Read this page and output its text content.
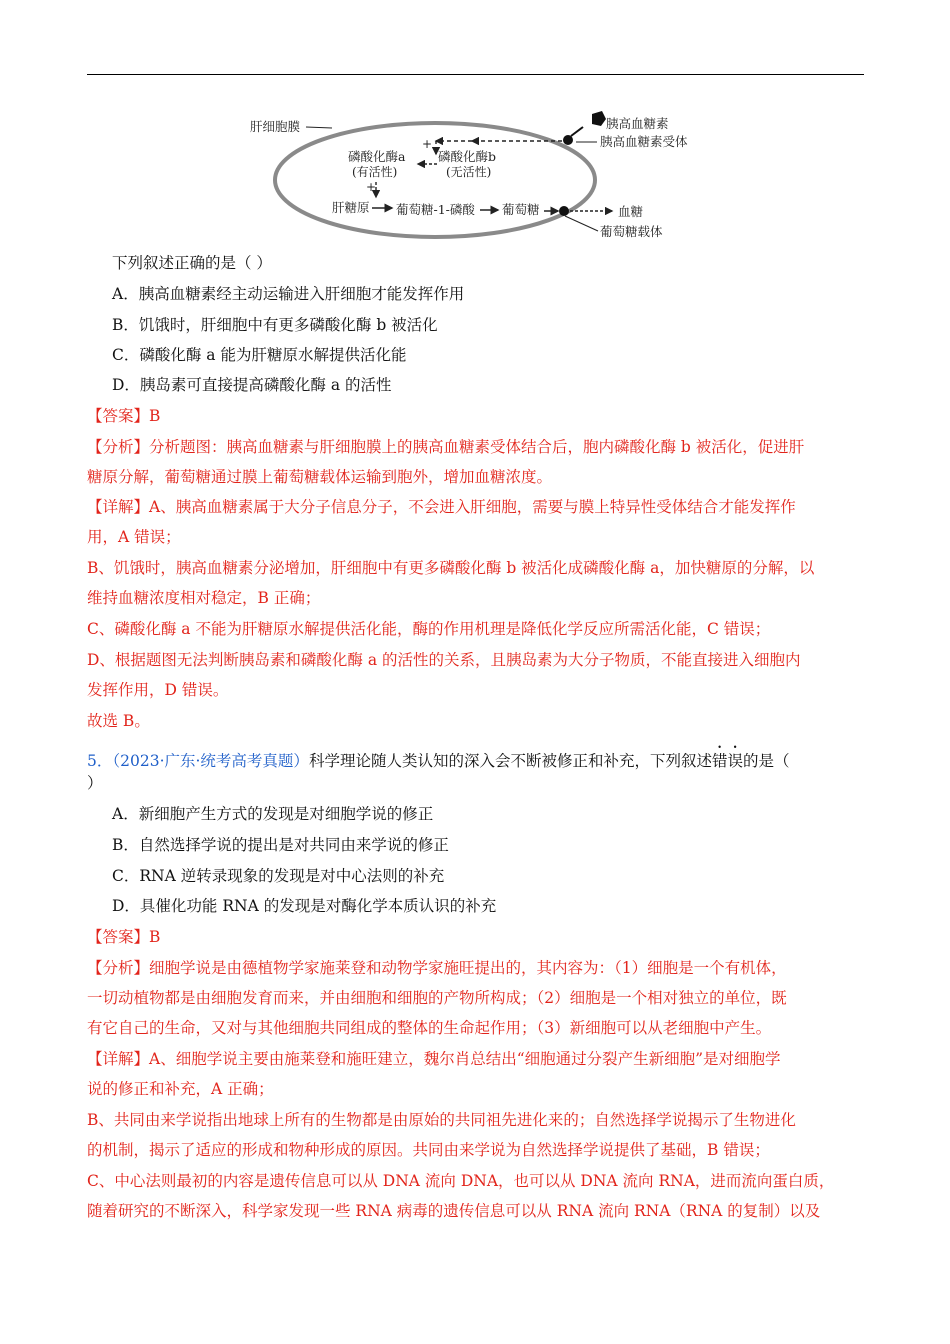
肝细胞膜	胰高血糖素
胰高血糖素受体
+
磷酸化酶a
(有活性)
磷酸化酶b
(无活性)
+
肝糖原 葡萄糖-1-磷酸 葡萄糖	血糖
葡萄糖载体
下列叙述正确的是（ ）
A．胰高血糖素经主动运输进入肝细胞才能发挥作用
B．饥饿时，肝细胞中有更多磷酸化酶 b 被活化
C．磷酸化酶 a 能为肝糖原水解提供活化能
D．胰岛素可直接提高磷酸化酶 a 的活性
【答案】B
【分析】分析题图：胰高血糖素与肝细胞膜上的胰高血糖素受体结合后，胞内磷酸化酶 b 被活化，促进肝
糖原分解，葡萄糖通过膜上葡萄糖载体运输到胞外，增加血糖浓度。
【详解】A、胰高血糖素属于大分子信息分子，不会进入肝细胞，需要与膜上特异性受体结合才能发挥作
用，A 错误；
B、饥饿时，胰高血糖素分泌增加，肝细胞中有更多磷酸化酶 b 被活化成磷酸化酶 a，加快糖原的分解，以
维持血糖浓度相对稳定，B 正确；
C、磷酸化酶 a 不能为肝糖原水解提供活化能，酶的作用机理是降低化学反应所需活化能，C 错误；
D、根据题图无法判断胰岛素和磷酸化酶 a 的活性的关系，且胰岛素为大分子物质，不能直接进入细胞内
发挥作用，D 错误。
故选 B。
5．（2023·广东·统考高考真题）科学理论随人类认知的深入会不断被修正和补充，下列叙述错误的是（
）
A．新细胞产生方式的发现是对细胞学说的修正
B．自然选择学说的提出是对共同由来学说的修正
C．RNA 逆转录现象的发现是对中心法则的补充
D．具催化功能 RNA 的发现是对酶化学本质认识的补充
【答案】B
【分析】细胞学说是由德植物学家施莱登和动物学家施旺提出的，其内容为：（1）细胞是一个有机体，
一切动植物都是由细胞发育而来，并由细胞和细胞的产物所构成；（2）细胞是一个相对独立的单位，既
有它自己的生命，又对与其他细胞共同组成的整体的生命起作用；（3）新细胞可以从老细胞中产生。
【详解】A、细胞学说主要由施莱登和施旺建立，魏尔肖总结出“细胞通过分裂产生新细胞”是对细胞学
说的修正和补充，A 正确；
B、共同由来学说指出地球上所有的生物都是由原始的共同祖先进化来的；自然选择学说揭示了生物进化
的机制，揭示了适应的形成和物种形成的原因。共同由来学说为自然选择学说提供了基础，B 错误；
C、中心法则最初的内容是遗传信息可以从 DNA 流向 DNA，也可以从 DNA 流向 RNA，进而流向蛋白质，
随着研究的不断深入，科学家发现一些 RNA 病毒的遗传信息可以从 RNA 流向 RNA（RNA 的复制）以及
